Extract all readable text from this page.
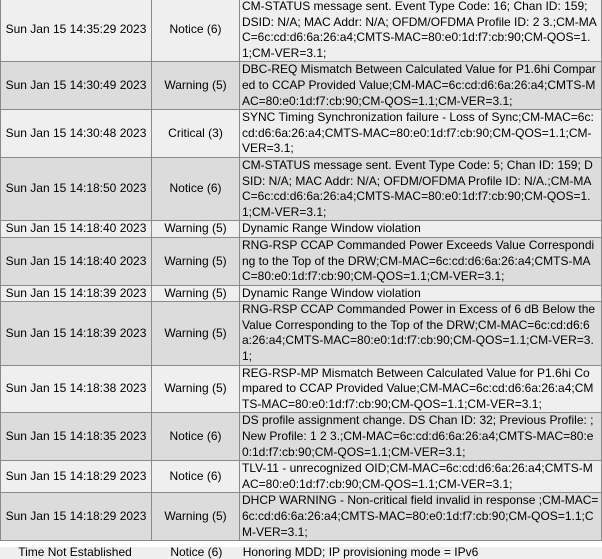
Sun Jan 15 14:35:29 2023	Notice (6)	CM-STATUS message sent. Event Type Code: 16; Chan ID: 159; DSID: N/A; MAC Addr: N/A; OFDM/OFDMA Profile ID: 2 3.;CM-MAC=6c:cd:d6:6a:26:a4;CMTS-MAC=80:e0:1d:f7:cb:90;CM-QOS=1.1;CM-VER=3.1;
Sun Jan 15 14:30:49 2023	Warning (5)	DBC-REQ Mismatch Between Calculated Value for P1.6hi Compared to CCAP Provided Value;CM-MAC=6c:cd:d6:6a:26:a4;CMTS-MAC=80:e0:1d:f7:cb:90;CM-QOS=1.1;CM-VER=3.1;
Sun Jan 15 14:30:48 2023	Critical (3)	SYNC Timing Synchronization failure - Loss of Sync;CM-MAC=6c:cd:d6:6a:26:a4;CMTS-MAC=80:e0:1d:f7:cb:90;CM-QOS=1.1;CM-VER=3.1;
Sun Jan 15 14:18:50 2023	Notice (6)	CM-STATUS message sent. Event Type Code: 5; Chan ID: 159; DSID: N/A; MAC Addr: N/A; OFDM/OFDMA Profile ID: N/A.;CM-MAC=6c:cd:d6:6a:26:a4;CMTS-MAC=80:e0:1d:f7:cb:90;CM-QOS=1.1;CM-VER=3.1;
Sun Jan 15 14:18:40 2023	Warning (5)	Dynamic Range Window violation
Sun Jan 15 14:18:40 2023	Warning (5)	RNG-RSP CCAP Commanded Power Exceeds Value Corresponding to the Top of the DRW;CM-MAC=6c:cd:d6:6a:26:a4;CMTS-MAC=80:e0:1d:f7:cb:90;CM-QOS=1.1;CM-VER=3.1;
Sun Jan 15 14:18:39 2023	Warning (5)	Dynamic Range Window violation
Sun Jan 15 14:18:39 2023	Warning (5)	RNG-RSP CCAP Commanded Power in Excess of 6 dB Below the Value Corresponding to the Top of the DRW;CM-MAC=6c:cd:d6:6a:26:a4;CMTS-MAC=80:e0:1d:f7:cb:90;CM-QOS=1.1;CM-VER=3.1;
Sun Jan 15 14:18:38 2023	Warning (5)	REG-RSP-MP Mismatch Between Calculated Value for P1.6hi Compared to CCAP Provided Value;CM-MAC=6c:cd:d6:6a:26:a4;CMTS-MAC=80:e0:1d:f7:cb:90;CM-QOS=1.1;CM-VER=3.1;
Sun Jan 15 14:18:35 2023	Notice (6)	DS profile assignment change. DS Chan ID: 32; Previous Profile: ; New Profile: 1 2 3.;CM-MAC=6c:cd:d6:6a:26:a4;CMTS-MAC=80:e0:1d:f7:cb:90;CM-QOS=1.1;CM-VER=3.1;
Sun Jan 15 14:18:29 2023	Notice (6)	TLV-11 - unrecognized OID;CM-MAC=6c:cd:d6:6a:26:a4;CMTS-MAC=80:e0:1d:f7:cb:90;CM-QOS=1.1;CM-VER=3.1;
Sun Jan 15 14:18:29 2023	Warning (5)	DHCP WARNING - Non-critical field invalid in response ;CM-MAC=6c:cd:d6:6a:26:a4;CMTS-MAC=80:e0:1d:f7:cb:90;CM-QOS=1.1;CM-VER=3.1;
Time Not Established	Notice (6) Honoring MDD; IP provisioning mode = IPv6
